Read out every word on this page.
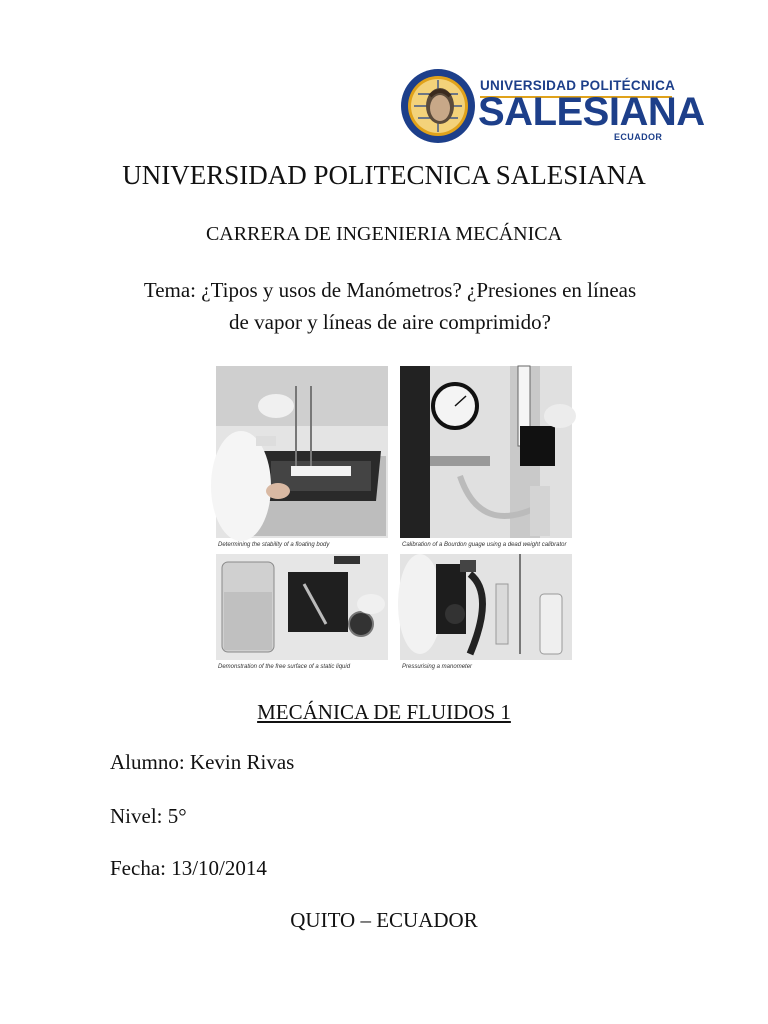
UNIVERSIDAD POLITÉCNICA
SALESIANA
ECUADOR
UNIVERSIDAD POLITECNICA SALESIANA
CARRERA DE INGENIERIA MECÁNICA
Tema: ¿Tipos y usos de Manómetros? ¿Presiones en líneas
de vapor y líneas de aire comprimido?
Determining the stability of a floating body	Calibration of a Bourdon guage using a dead weight calibrator
Demonstration of the free surface of a static liquid	Pressurising a manometer
MECÁNICA DE FLUIDOS 1
Alumno: Kevin Rivas
Nivel: 5°
Fecha: 13/10/2014
QUITO – ECUADOR
